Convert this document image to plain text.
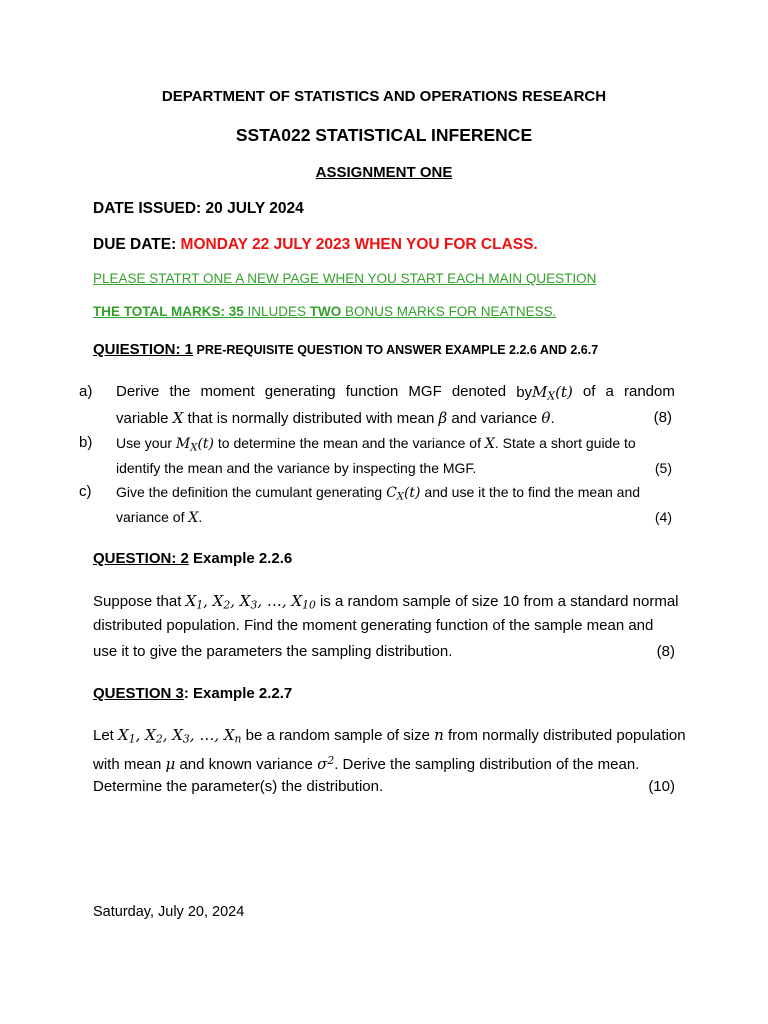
DEPARTMENT OF STATISTICS AND OPERATIONS RESEARCH
SSTA022 STATISTICAL INFERENCE
ASSIGNMENT ONE
DATE ISSUED: 20 JULY 2024
DUE DATE: MONDAY 22 JULY 2023 WHEN YOU FOR CLASS.
PLEASE STATRT ONE A NEW PAGE WHEN YOU START EACH MAIN QUESTION
THE TOTAL MARKS: 35 INLUDES TWO BONUS MARKS FOR NEATNESS.
QUIESTION: 1 PRE-REQUISITE QUESTION TO ANSWER EXAMPLE 2.2.6 AND 2.6.7
a) Derive the moment generating function MGF denoted byM$_X$(t) of a random
variable X that is normally distributed with mean β and variance θ.	(8)
b) Use your $M_X(t)$ to determine the mean and the variance of X. State a short guide to
identify the mean and the variance by inspecting the MGF.	(5)
c) Give the definition the cumulant generating $C_X(t)$ and use it the to find the mean and
variance of X.	(4)
QUESTION: 2 Example 2.2.6
Suppose that $X_1$, $X_2$, $X_3$, …, $X_{10}$ is a random sample of size 10 from a standard normal
distributed population. Find the moment generating function of the sample mean and
use it to give the parameters the sampling distribution.	(8)
QUESTION 3: Example 2.2.7
Let $X_1$, $X_2$, $X_3$, …, $X_n$ be a random sample of size n from normally distributed population
with mean μ and known variance $\sigma^2$. Derive the sampling distribution of the mean.
Determine the parameter(s) the distribution.	(10)
Saturday, July 20, 2024
